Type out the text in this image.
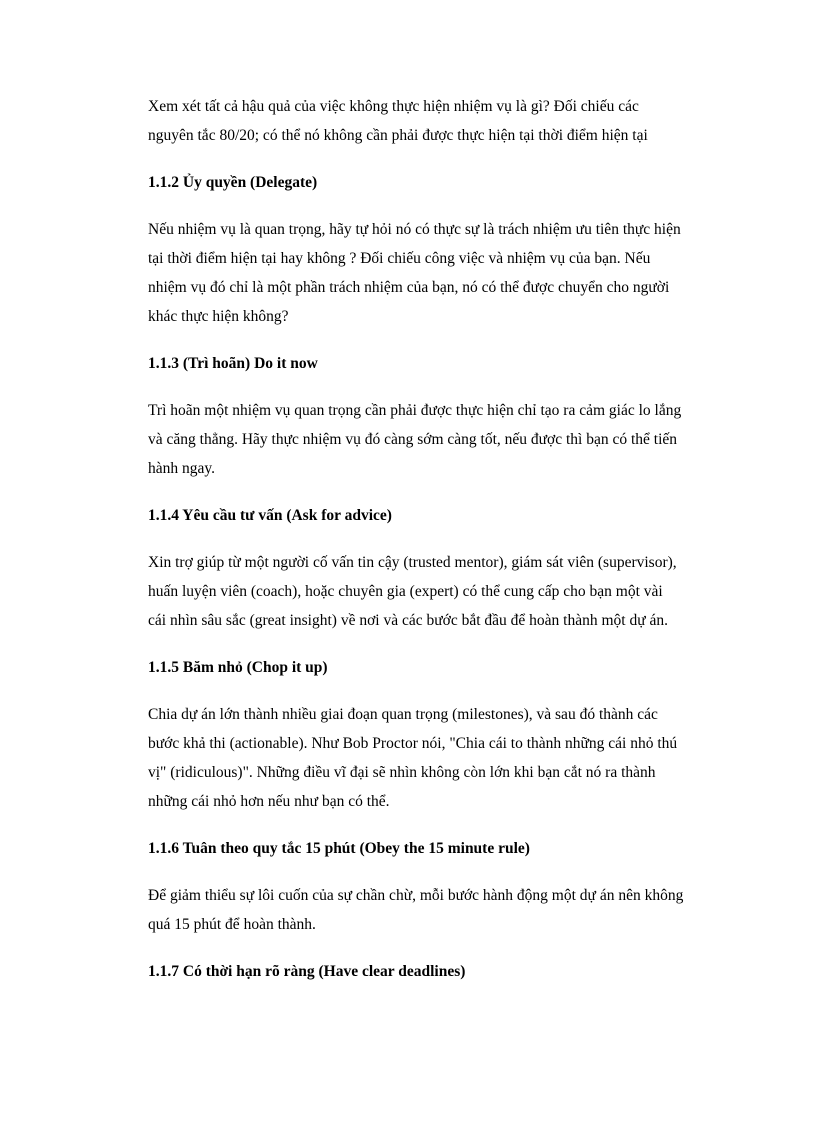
Xem xét tất cả hậu quả của việc không thực hiện nhiệm vụ là gì? Đối chiếu các
nguyên tắc 80/20; có thể nó không cần phải được thực hiện tại thời điểm hiện tại

1.1.2 Ủy quyền (Delegate)

Nếu nhiệm vụ là quan trọng, hãy tự hỏi nó có thực sự là trách nhiệm ưu tiên thực hiện
tại thời điểm hiện tại hay không ? Đối chiếu công việc và nhiệm vụ của bạn. Nếu
nhiệm vụ đó chỉ là một phần trách nhiệm của bạn, nó có thể được chuyển cho người
khác thực hiện không?

1.1.3 (Trì hoãn) Do it now

Trì hoãn một nhiệm vụ quan trọng cần phải được thực hiện chỉ tạo ra cảm giác lo lắng
và căng thẳng. Hãy thực nhiệm vụ đó càng sớm càng tốt, nếu được thì bạn có thể tiến
hành ngay.

1.1.4 Yêu cầu tư vấn (Ask for advice)

Xin trợ giúp từ một người cố vấn tin cậy (trusted mentor), giám sát viên (supervisor),
huấn luyện viên (coach), hoặc chuyên gia (expert) có thể cung cấp cho bạn một vài
cái nhìn sâu sắc (great insight) về nơi và các bước bắt đầu để hoàn thành một dự án.

1.1.5 Băm nhỏ (Chop it up)

Chia dự án lớn thành nhiều giai đoạn quan trọng (milestones), và sau đó thành các
bước khả thi (actionable). Như Bob Proctor nói, "Chia cái to thành những cái nhỏ thú
vị" (ridiculous)". Những điều vĩ đại sẽ nhìn không còn lớn khi bạn cắt nó ra thành
những cái nhỏ hơn nếu như bạn có thể.

1.1.6 Tuân theo quy tắc 15 phút (Obey the 15 minute rule)

Để giảm thiểu sự lôi cuốn của sự chần chừ, mỗi bước hành động một dự án nên không
quá 15 phút để hoàn thành.

1.1.7 Có thời hạn rõ ràng (Have clear deadlines)
